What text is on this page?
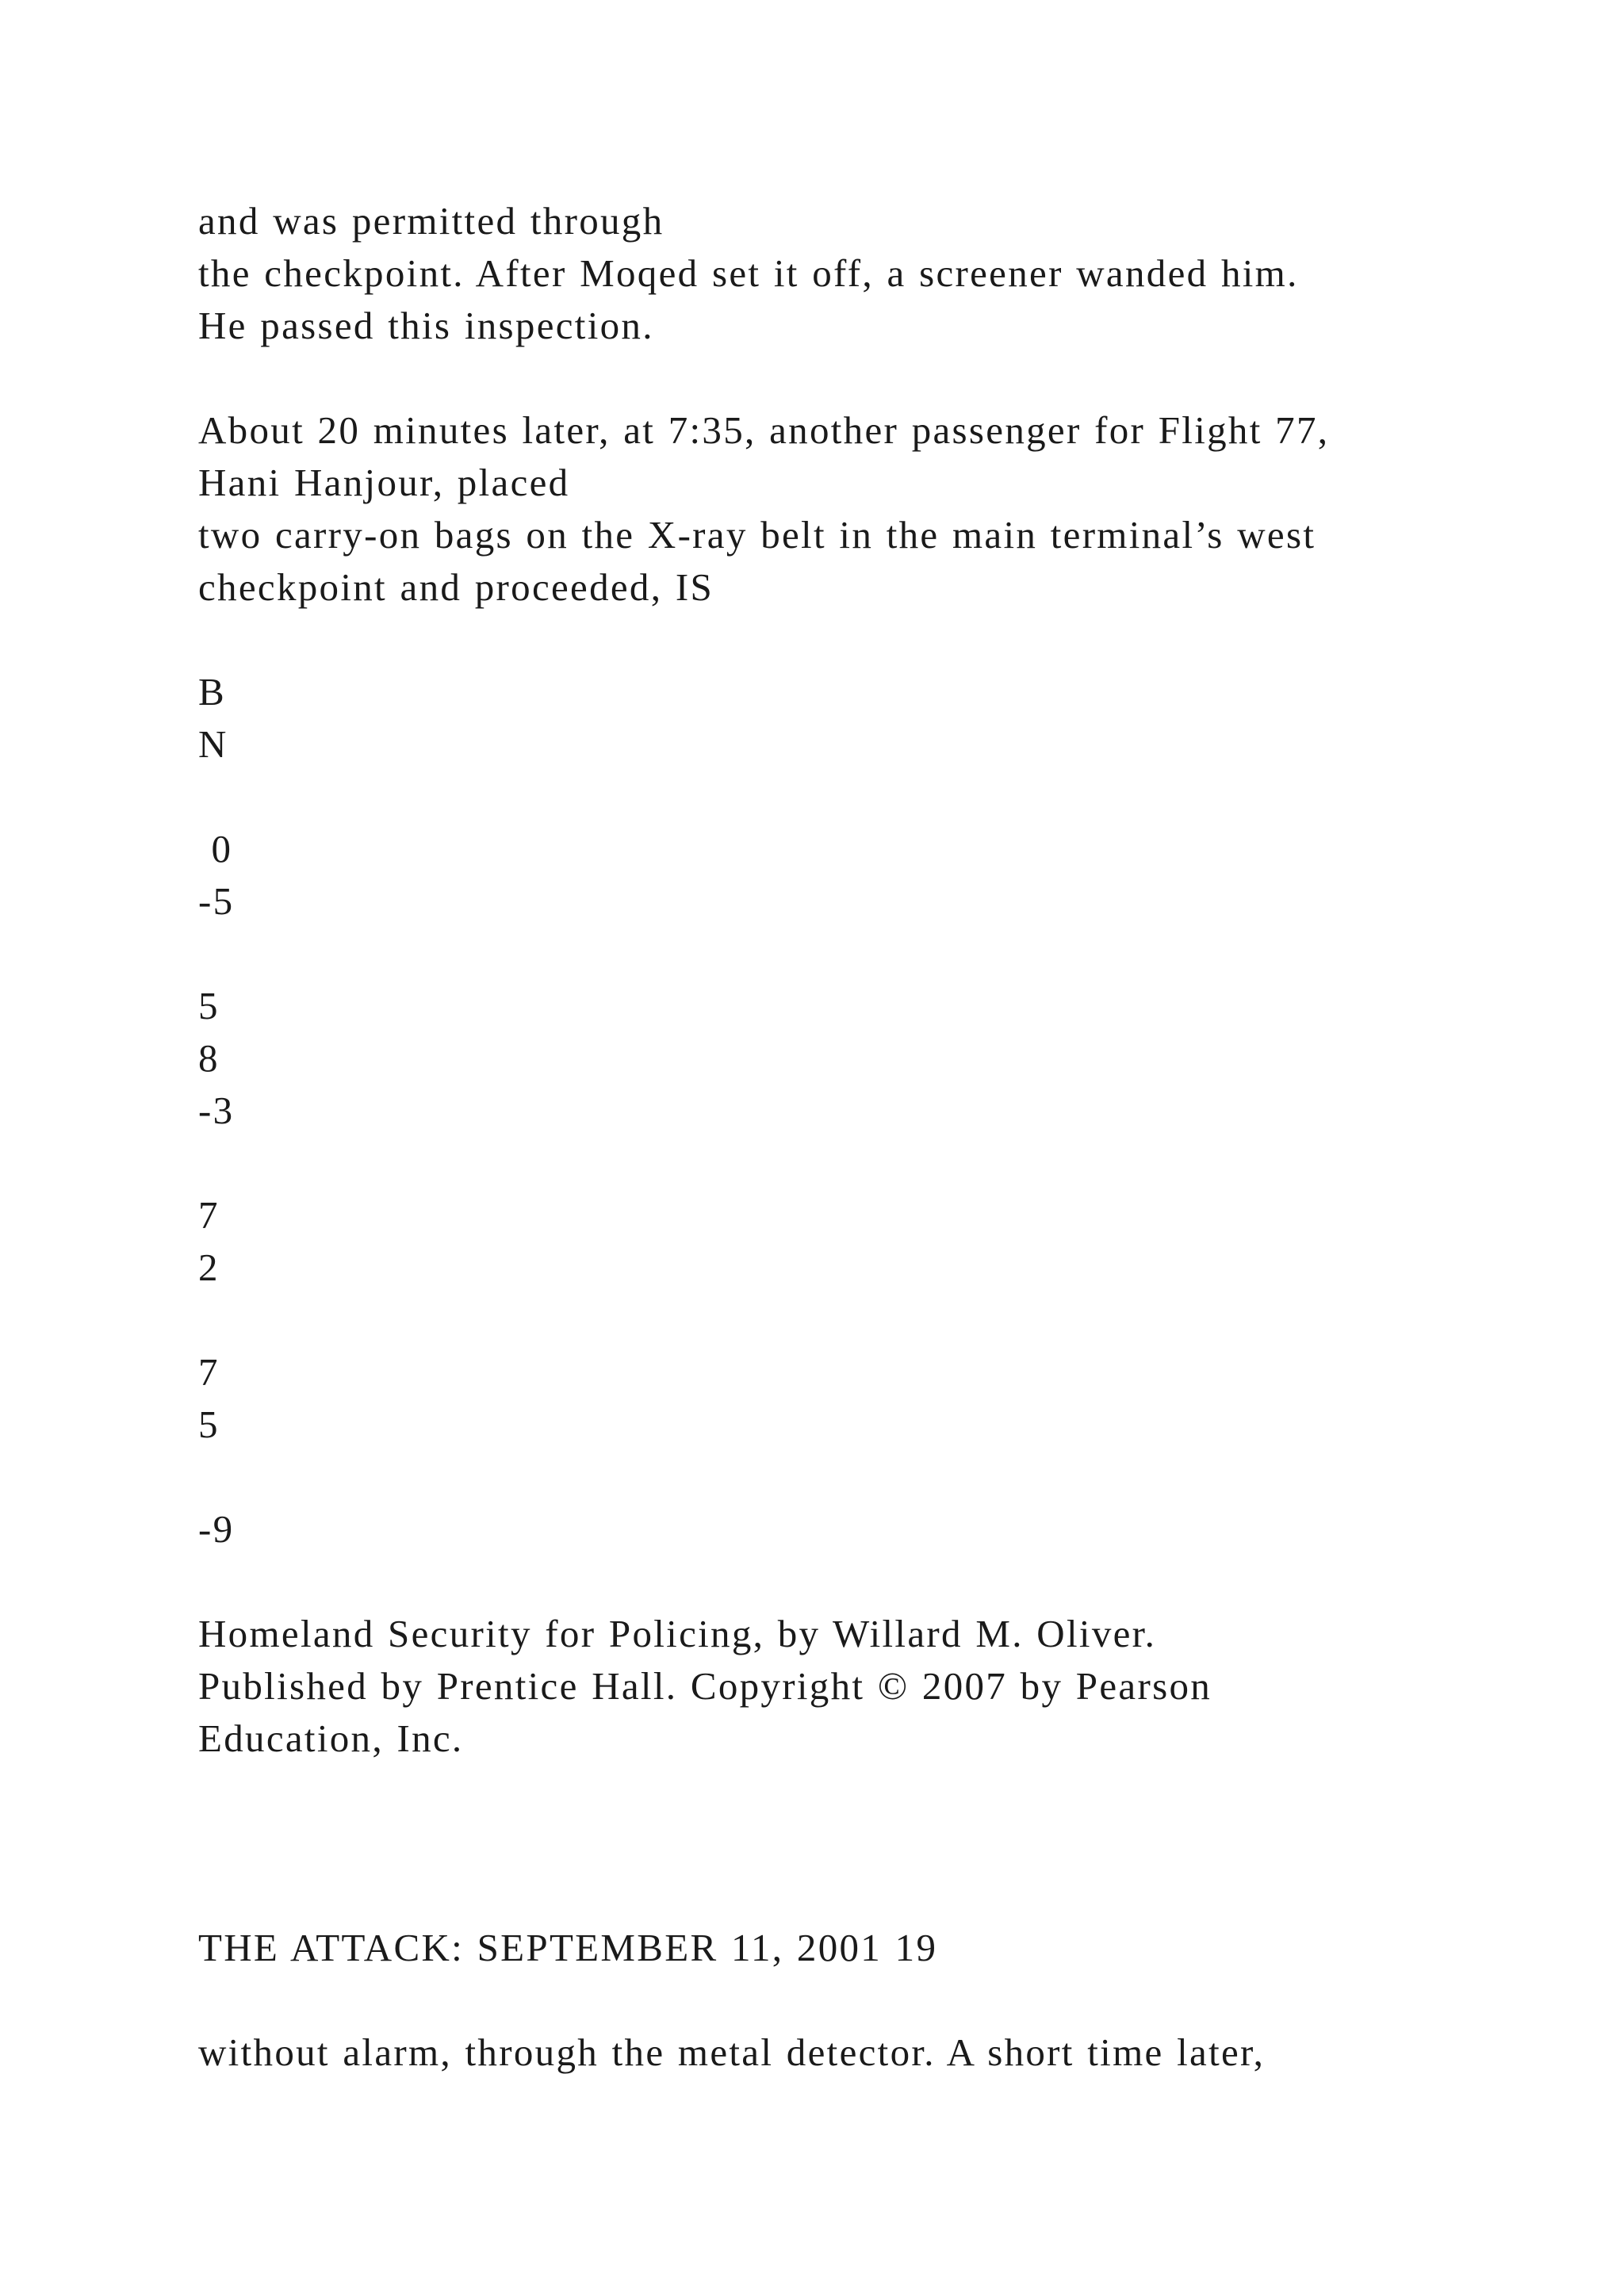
and was permitted through
the checkpoint. After Moqed set it off, a screener wanded him.
He passed this inspection.
About 20 minutes later, at 7:35, another passenger for Flight 77,
Hani Hanjour, placed
two carry-on bags on the X-ray belt in the main terminal’s west
checkpoint and proceeded, IS
B
N
0
-5
5
8
-3
7
2
7
5
-9
Homeland Security for Policing, by Willard M. Oliver.
Published by Prentice Hall. Copyright © 2007 by Pearson
Education, Inc.
THE ATTACK: SEPTEMBER 11, 2001 19
without alarm, through the metal detector. A short time later,
